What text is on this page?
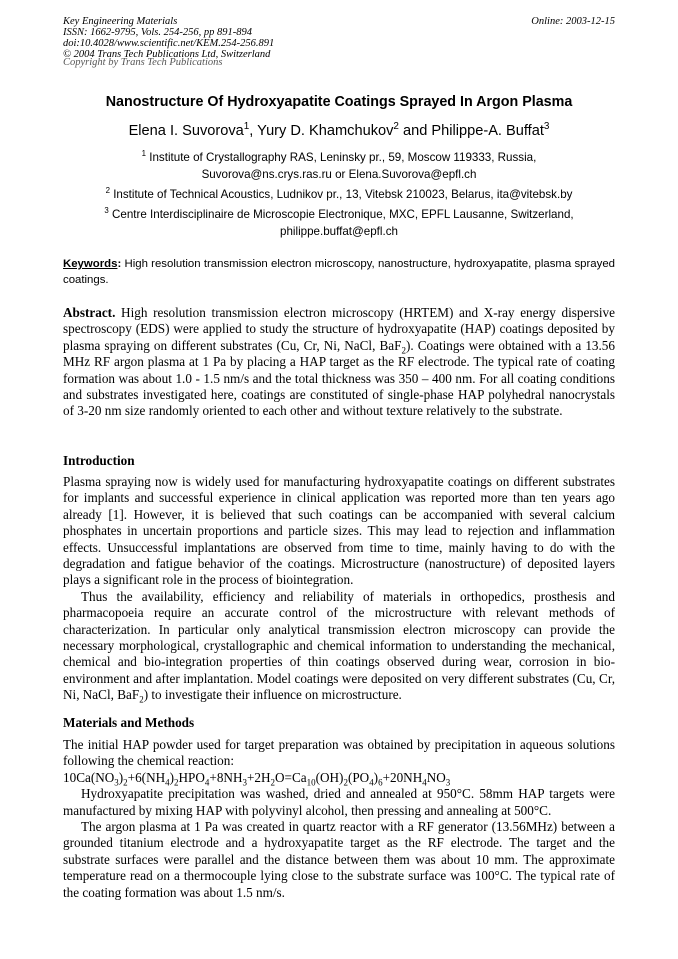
Key Engineering Materials	Online: 2003-12-15
ISSN: 1662-9795, Vols. 254-256, pp 891-894
doi:10.4028/www.scientific.net/KEM.254-256.891
© 2004 Trans Tech Publications Ltd, Switzerland
Copyright by Trans Tech Publications
Nanostructure Of Hydroxyapatite Coatings Sprayed In Argon Plasma
Elena I. Suvorova$^1$, Yury D. Khamchukov$^2$ and Philippe-A. Buffat$^3$
$^1$ Institute of Crystallography RAS, Leninsky pr., 59, Moscow 119333, Russia,
Suvorova@ns.crys.ras.ru or Elena.Suvorova@epfl.ch
$^2$ Institute of Technical Acoustics, Ludnikov pr., 13, Vitebsk 210023, Belarus, ita@vitebsk.by
$^3$ Centre Interdisciplinaire de Microscopie Electronique, MXC, EPFL Lausanne, Switzerland,
philippe.buffat@epfl.ch
Keywords: High resolution transmission electron microscopy, nanostructure, hydroxyapatite, plasma sprayed coatings.

Abstract. High resolution transmission electron microscopy (HRTEM) and X-ray energy dispersive spectroscopy (EDS) were applied to study the structure of hydroxyapatite (HAP) coatings deposited by plasma spraying on different substrates (Cu, Cr, Ni, NaCl, BaF$_2$). Coatings were obtained with a 13.56 MHz RF argon plasma at 1 Pa by placing a HAP target as the RF electrode. The typical rate of coating formation was about 1.0 - 1.5 nm/s and the total thickness was 350 – 400 nm. For all coating conditions and substrates investigated here, coatings are constituted of single-phase HAP polyhedral nanocrystals of 3-20 nm size randomly oriented to each other and without texture relatively to the substrate.

Introduction

Plasma spraying now is widely used for manufacturing hydroxyapatite coatings on different substrates for implants and successful experience in clinical application was reported more than ten years ago already [1]. However, it is believed that such coatings can be accompanied with several calcium phosphates in uncertain proportions and particle sizes. This may lead to rejection and inflammation effects. Unsuccessful implantations are observed from time to time, mainly having to do with the degradation and fatigue behavior of the coatings. Microstructure (nanostructure) of deposited layers plays a significant role in the process of biointegration.

Thus the availability, efficiency and reliability of materials in orthopedics, prosthesis and pharmacopoeia require an accurate control of the microstructure with relevant methods of characterization. In particular only analytical transmission electron microscopy can provide the necessary morphological, crystallographic and chemical information to understanding the mechanical, chemical and bio-integration properties of thin coatings observed during wear, corrosion in bio-environment and after implantation. Model coatings were deposited on very different substrates (Cu, Cr, Ni, NaCl, BaF$_2$) to investigate their influence on microstructure.

Materials and Methods

The initial HAP powder used for target preparation was obtained by precipitation in aqueous solutions following the chemical reaction:

$10Ca(NO_3)_2+6(NH_4)_2HPO_4+8NH_3+2H_2O=Ca_{10}(OH)_2(PO_4)_6+20NH_4NO_3$

Hydroxyapatite precipitation was washed, dried and annealed at 950°C. 58mm HAP targets were manufactured by mixing HAP with polyvinyl alcohol, then pressing and annealing at 500°C.

The argon plasma at 1 Pa was created in quartz reactor with a RF generator (13.56MHz) between a grounded titanium electrode and a hydroxyapatite target as the RF electrode. The target and the substrate surfaces were parallel and the distance between them was about 10 mm. The approximate temperature read on a thermocouple lying close to the substrate surface was 100°C. The typical rate of the coating formation was about 1.5 nm/s.
